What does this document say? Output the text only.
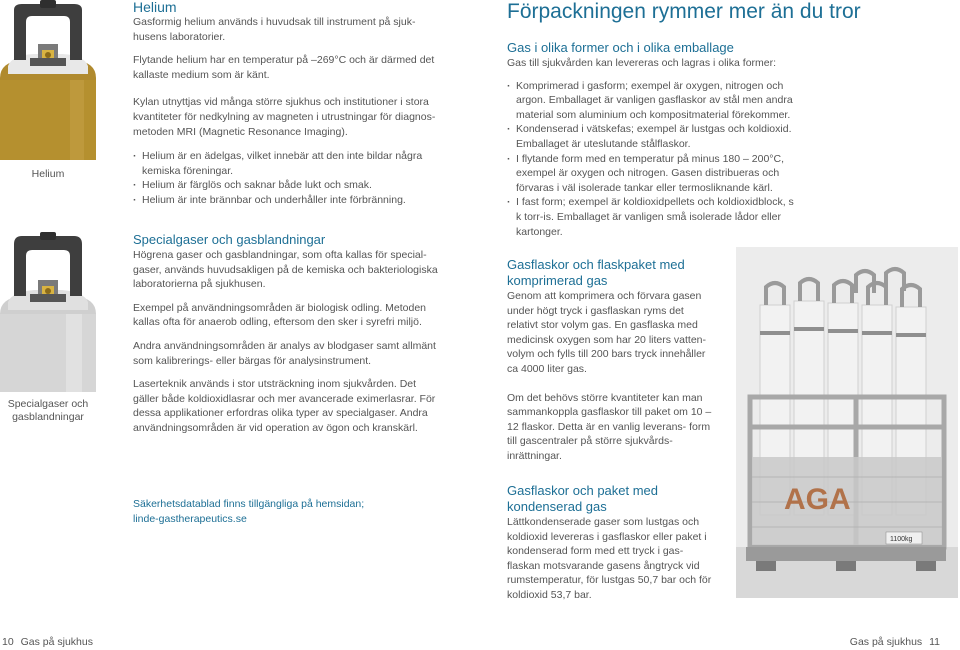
Helium
Specialgaser och gasblandningar
Helium

Gasformig helium används i huvudsak till instrument på sjuk- husens laboratorier.

Flytande helium har en temperatur på –269°C och är därmed det kallaste medium som är känt.

Kylan utnyttjas vid många större sjukhus och institutioner i stora kvantiteter för nedkylning av magneten i utrustningar för diagnos- metoden MRI (Magnetic Resonance Imaging).

· Helium är en ädelgas, vilket innebär att den inte bildar några kemiska föreningar.
· Helium är färglös och saknar både lukt och smak.
· Helium är inte brännbar och underhåller inte förbränning.
Specialgaser och gasblandningar

Högrena gaser och gasblandningar, som ofta kallas för special- gaser, används huvudsakligen på de kemiska och bakteriologiska laboratorierna på sjukhusen.

Exempel på användningsområden är biologisk odling. Metoden kallas ofta för anaerob odling, eftersom den sker i syrefri miljö.

Andra användningsområden är analys av blodgaser samt allmänt som kalibrerings- eller bärgas för analysinstrument.

Laserteknik används i stor utsträckning inom sjukvården. Det gäller både koldioxidlasrar och mer avancerade eximerlasrar. För dessa applikationer erfordras olika typer av specialgaser. Andra användningsområden är vid operation av ögon och kranskärl.

Säkerhetsdatablad finns tillgängliga på hemsidan;
linde-gastherapeutics.se
10 Gas på sjukhus
Förpackningen rymmer mer än du tror
Gas i olika former och i olika emballage

Gas till sjukvården kan levereras och lagras i olika former:

· Komprimerad i gasform; exempel är oxygen, nitrogen och argon. Emballaget är vanligen gasflaskor av stål men andra material som aluminium och kompositmaterial förekommer.
· Kondenserad i vätskefas; exempel är lustgas och koldioxid. Emballaget är uteslutande stålflaskor.
· I flytande form med en temperatur på minus 180 – 200°C, exempel är oxygen och nitrogen. Gasen distribueras och förvaras i väl isolerade tankar eller termosliknande kärl.
· I fast form; exempel är koldioxidpellets och koldioxidblock, s k torr-is. Emballaget är vanligen små isolerade lådor eller kartonger.
Gasflaskor och flaskpaket med komprimerad gas

Genom att komprimera och förvara gasen under högt tryck i gasflaskan ryms det relativt stor volym gas. En gasflaska med medicinsk oxygen som har 20 liters vatten- volym och fylls till 200 bars tryck innehåller ca 4000 liter gas.

Om det behövs större kvantiteter kan man sammankoppla gasflaskor till paket om 10 – 12 flaskor. Detta är en vanlig leverans- form till gascentraler på större sjukvårds- inrättningar.

Gasflaskor och paket med kondenserad gas

Lättkondenserade gaser som lustgas och koldioxid levereras i gasflaskor eller paket i kondenserad form med ett tryck i gas- flaskan motsvarande gasens ångtryck vid rumstemperatur, för lustgas 50,7 bar och för koldioxid 53,7 bar.

AGA
1100kg
Gas på sjukhus 11
